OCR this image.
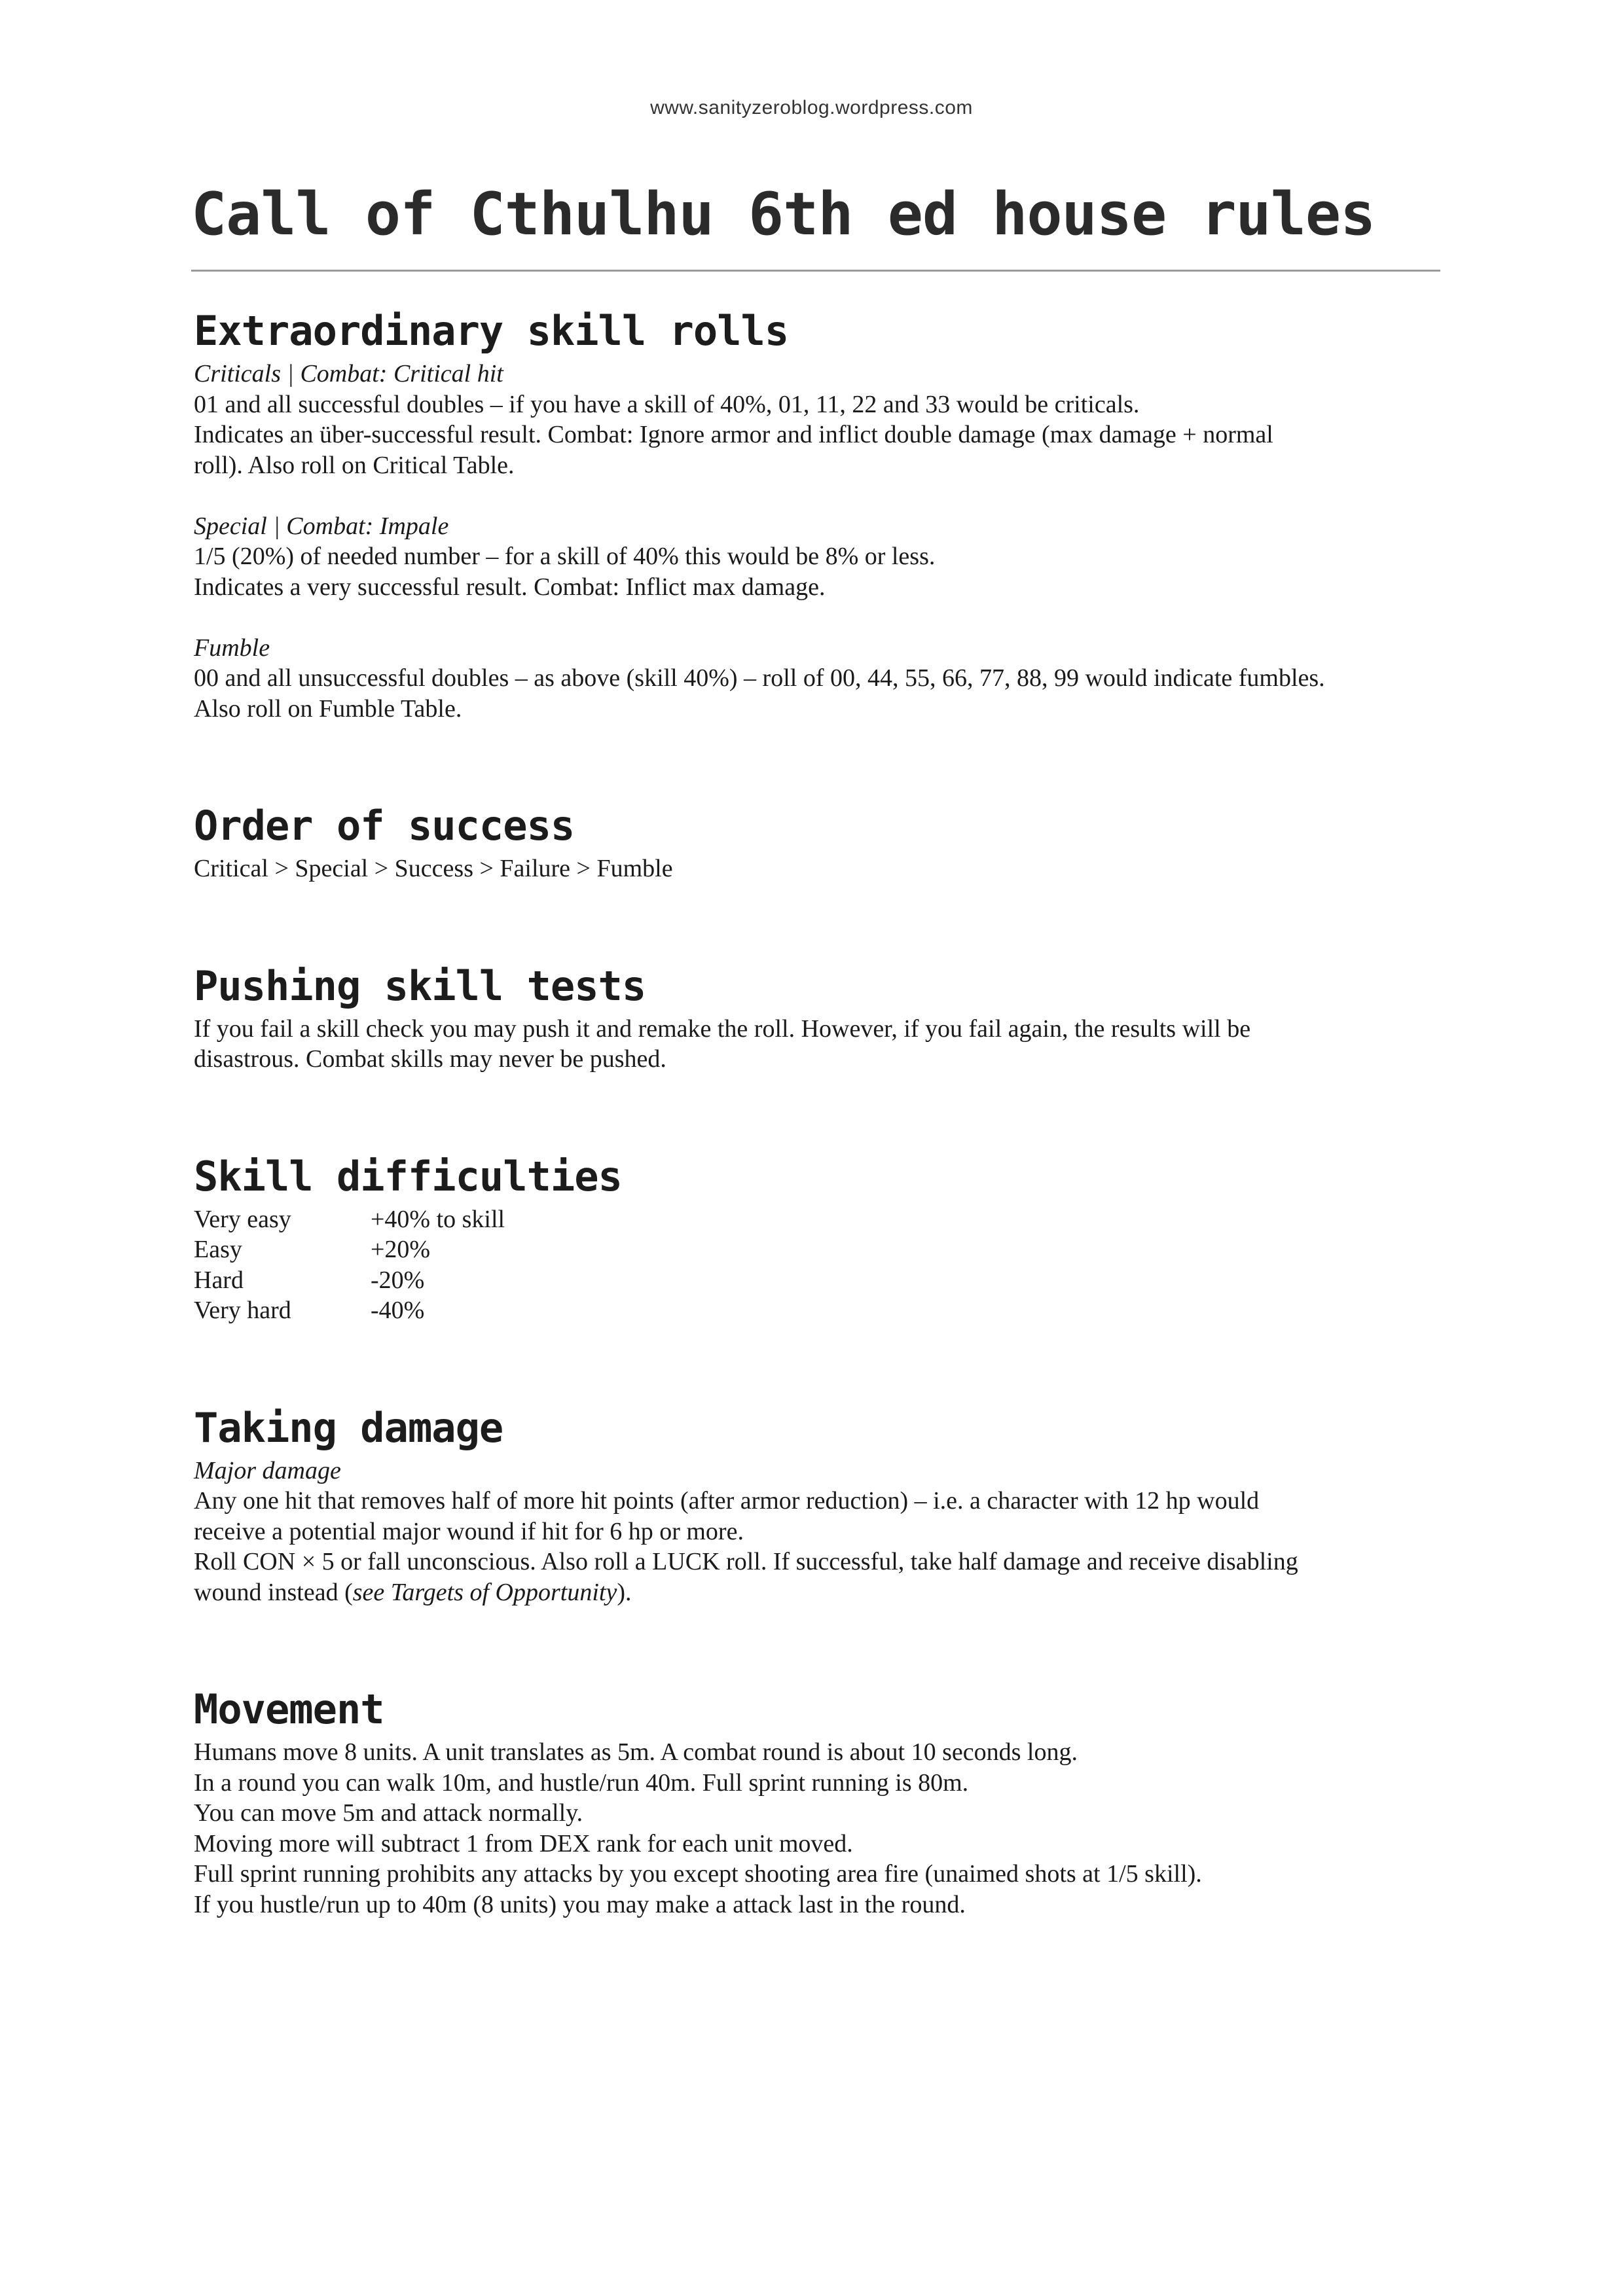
www.sanityzeroblog.wordpress.com
Call of Cthulhu 6th ed house rules
Extraordinary skill rolls
Criticals | Combat: Critical hit
01 and all successful doubles – if you have a skill of 40%, 01, 11, 22 and 33 would be criticals.
Indicates an über-successful result. Combat: Ignore armor and inflict double damage (max damage + normal
roll). Also roll on Critical Table.
Special | Combat: Impale
1/5 (20%) of needed number – for a skill of 40% this would be 8% or less.
Indicates a very successful result. Combat: Inflict max damage.
Fumble
00 and all unsuccessful doubles – as above (skill 40%) – roll of 00, 44, 55, 66, 77, 88, 99 would indicate fumbles.
Also roll on Fumble Table.
Order of success
Critical > Special > Success > Failure > Fumble
Pushing skill tests
If you fail a skill check you may push it and remake the roll. However, if you fail again, the results will be
disastrous. Combat skills may never be pushed.
Skill difficulties
Very easy	+40% to skill
Easy	+20%
Hard	-20%
Very hard	-40%
Taking damage
Major damage
Any one hit that removes half of more hit points (after armor reduction) – i.e. a character with 12 hp would
receive a potential major wound if hit for 6 hp or more.
Roll CON × 5 or fall unconscious. Also roll a LUCK roll. If successful, take half damage and receive disabling
wound instead (see Targets of Opportunity).
Movement
Humans move 8 units. A unit translates as 5m. A combat round is about 10 seconds long.
In a round you can walk 10m, and hustle/run 40m. Full sprint running is 80m.
You can move 5m and attack normally.
Moving more will subtract 1 from DEX rank for each unit moved.
Full sprint running prohibits any attacks by you except shooting area fire (unaimed shots at 1/5 skill).
If you hustle/run up to 40m (8 units) you may make a attack last in the round.
